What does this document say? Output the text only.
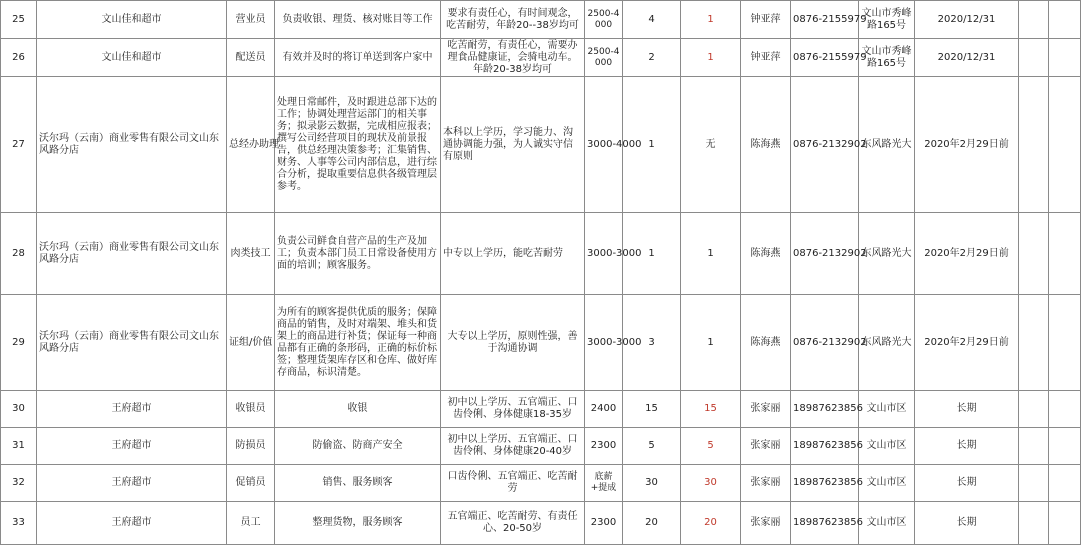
25	文山佳和超市	营业员	负责收银、理货、核对账目等工作	要求有责任心，有时间观念，吃苦耐劳，年龄20--38岁均可	2500-4000	4	1	钟亚萍	0876-2155979	文山市秀峰路165号	2020/12/31		
26	文山佳和超市	配送员	有效并及时的将订单送到客户家中	吃苦耐劳，有责任心，需要办理食品健康证，会骑电动车。年龄20-38岁均可	2500-4000	2	1	钟亚萍	0876-2155979	文山市秀峰路165号	2020/12/31		
27	沃尔玛（云南）商业零售有限公司文山东风路分店	总经办助理	处理日常邮件，及时跟进总部下达的工作；协调处理营运部门的相关事务；拟录影云数据，完成相应报表；撰写公司经营项目的现状及前景报告，供总经理决策参考；汇集销售、财务、人事等公司内部信息，进行综合分析，提取重要信息供各级管理层参考。	本科以上学历，学习能力、沟通协调能力强，为人诚实守信有原则	3000-4000	1	无	陈海燕	0876-2132902	东风路光大	2020年2月29日前		
28	沃尔玛（云南）商业零售有限公司文山东风路分店	肉类技工	负责公司鲜食自营产品的生产及加工；负责本部门员工日常设备使用方面的培训；顾客服务。	中专以上学历，能吃苦耐劳	3000-3000	1	1	陈海燕	0876-2132902	东风路光大	2020年2月29日前		
29	沃尔玛（云南）商业零售有限公司文山东风路分店	证组/价值	为所有的顾客提供优质的服务；保障商品的销售，及时对端架、堆头和货架上的商品进行补货；保证每一种商品都有正确的条形码，正确的标价标签；整理货架库存区和仓库、做好库存商品，标识清楚。	大专以上学历，原则性强，善于沟通协调	3000-3000	3	1	陈海燕	0876-2132902	东风路光大	2020年2月29日前		
30	王府超市	收银员	收银	初中以上学历、五官端正、口齿伶俐、身体健康18-35岁	2400	15	15	张家丽	18987623856	文山市区	长期		
31	王府超市	防损员	防偷盗、防商产安全	初中以上学历、五官端正、口齿伶俐、身体健康20-40岁	2300	5	5	张家丽	18987623856	文山市区	长期		
32	王府超市	促销员	销售、服务顾客	口齿伶俐、五官端正、吃苦耐劳	底薪+提成	30	30	张家丽	18987623856	文山市区	长期		
33	王府超市	员工	整理货物，服务顾客	五官端正、吃苦耐劳、有责任心、20-50岁	2300	20	20	张家丽	18987623856	文山市区	长期		
